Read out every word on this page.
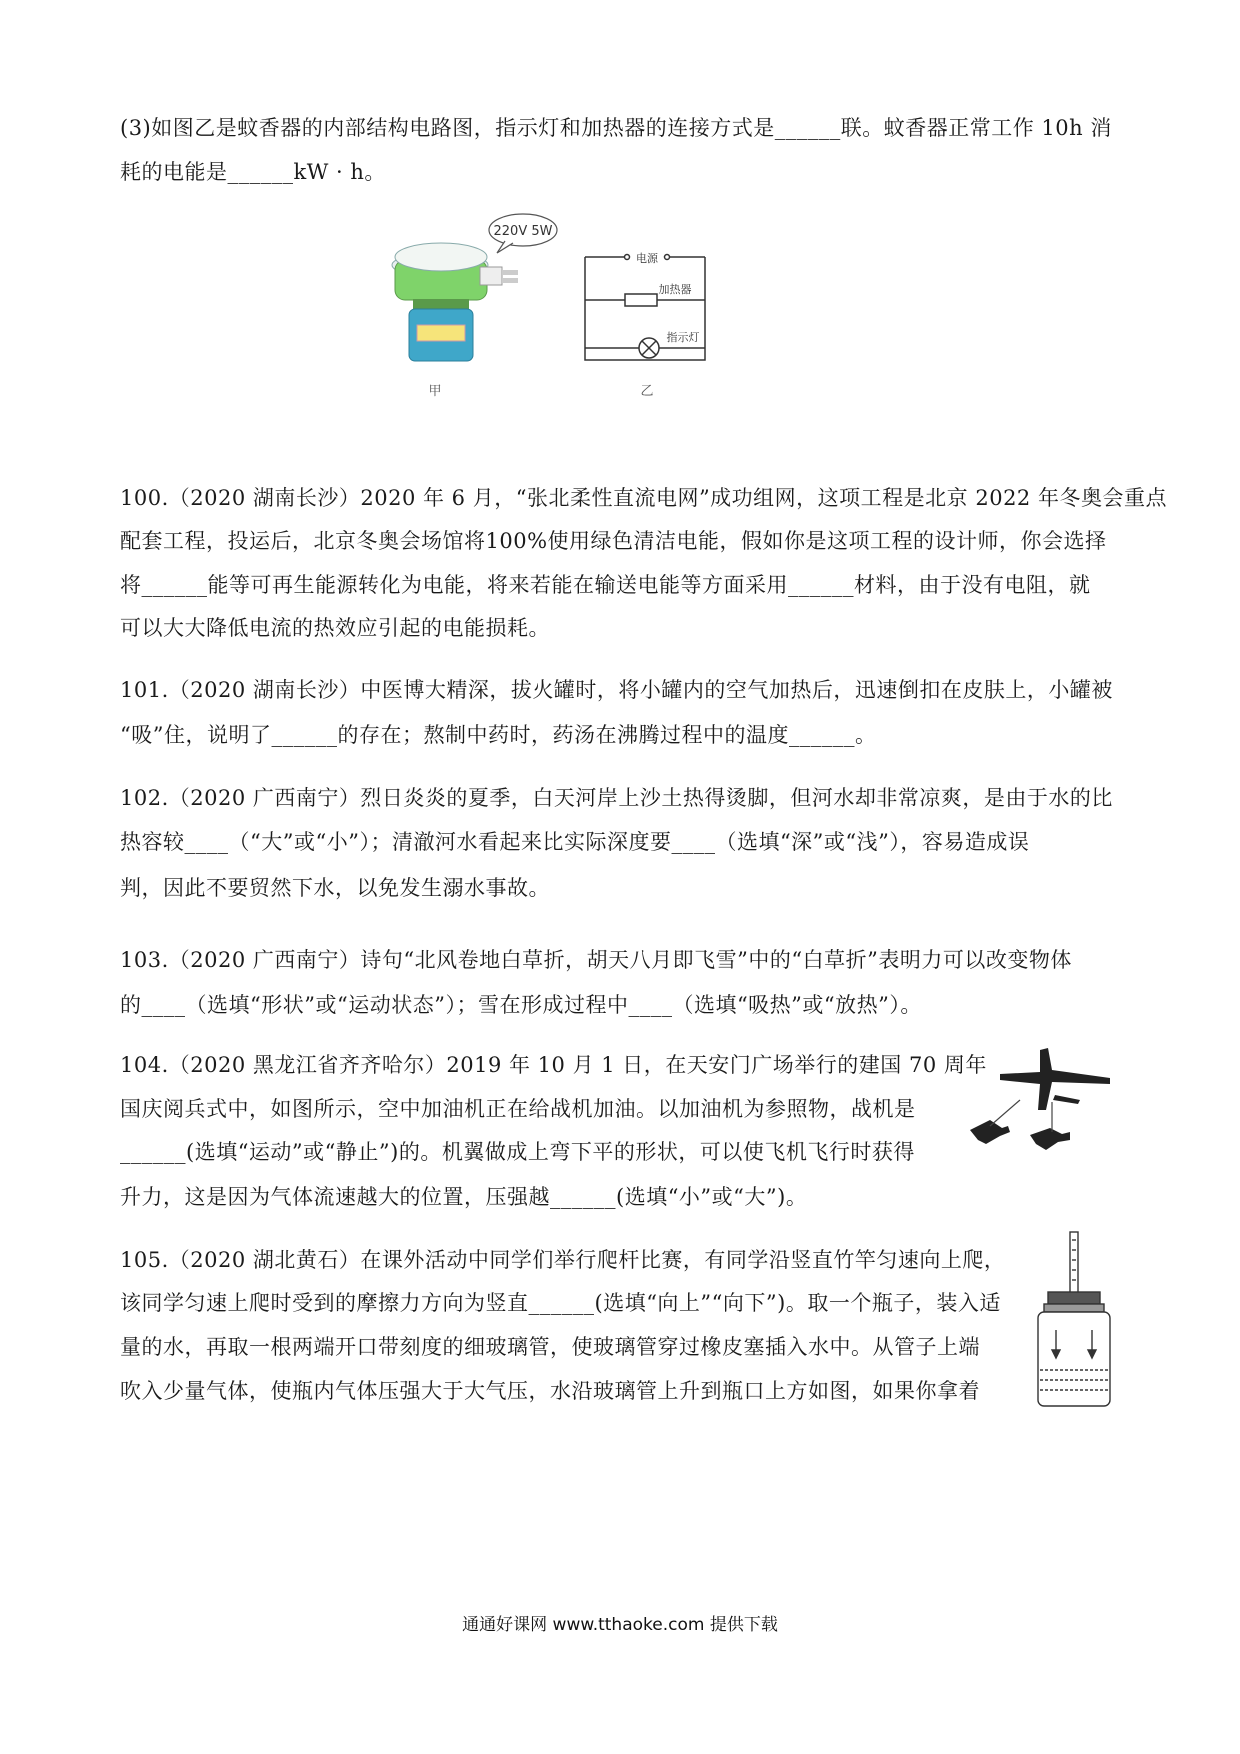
(3)如图乙是蚊香器的内部结构电路图，指示灯和加热器的连接方式是______联。蚊香器正常工作 10h 消
耗的电能是______kW · h。
220V 5W
电源
加热器
指示灯
甲	乙
100.（2020 湖南长沙）2020 年 6 月，“张北柔性直流电网”成功组网，这项工程是北京 2022 年冬奥会重点
配套工程，投运后，北京冬奥会场馆将100%使用绿色清洁电能，假如你是这项工程的设计师，你会选择
将______能等可再生能源转化为电能，将来若能在输送电能等方面采用______材料，由于没有电阻，就
可以大大降低电流的热效应引起的电能损耗。
101.（2020 湖南长沙）中医博大精深，拔火罐时，将小罐内的空气加热后，迅速倒扣在皮肤上，小罐被
“吸”住，说明了______的存在；熬制中药时，药汤在沸腾过程中的温度______。
102.（2020 广西南宁）烈日炎炎的夏季，白天河岸上沙土热得烫脚，但河水却非常凉爽，是由于水的比
热容较____（“大”或“小”）；清澈河水看起来比实际深度要____（选填“深”或“浅”），容易造成误
判，因此不要贸然下水，以免发生溺水事故。
103.（2020 广西南宁）诗句“北风卷地白草折，胡天八月即飞雪”中的“白草折”表明力可以改变物体
的____（选填“形状”或“运动状态”）；雪在形成过程中____（选填“吸热”或“放热”）。
104.（2020 黑龙江省齐齐哈尔）2019 年 10 月 1 日，在天安门广场举行的建国 70 周年
国庆阅兵式中，如图所示，空中加油机正在给战机加油。以加油机为参照物，战机是
______(选填“运动”或“静止”)的。机翼做成上弯下平的形状，可以使飞机飞行时获得
升力，这是因为气体流速越大的位置，压强越______(选填“小”或“大”)。
105.（2020 湖北黄石）在课外活动中同学们举行爬杆比赛，有同学沿竖直竹竿匀速向上爬，
该同学匀速上爬时受到的摩擦力方向为竖直______(选填“向上”“向下”)。取一个瓶子，装入适
量的水，再取一根两端开口带刻度的细玻璃管，使玻璃管穿过橡皮塞插入水中。从管子上端
吹入少量气体，使瓶内气体压强大于大气压，水沿玻璃管上升到瓶口上方如图，如果你拿着
通通好课网 www.tthaoke.com 提供下载
